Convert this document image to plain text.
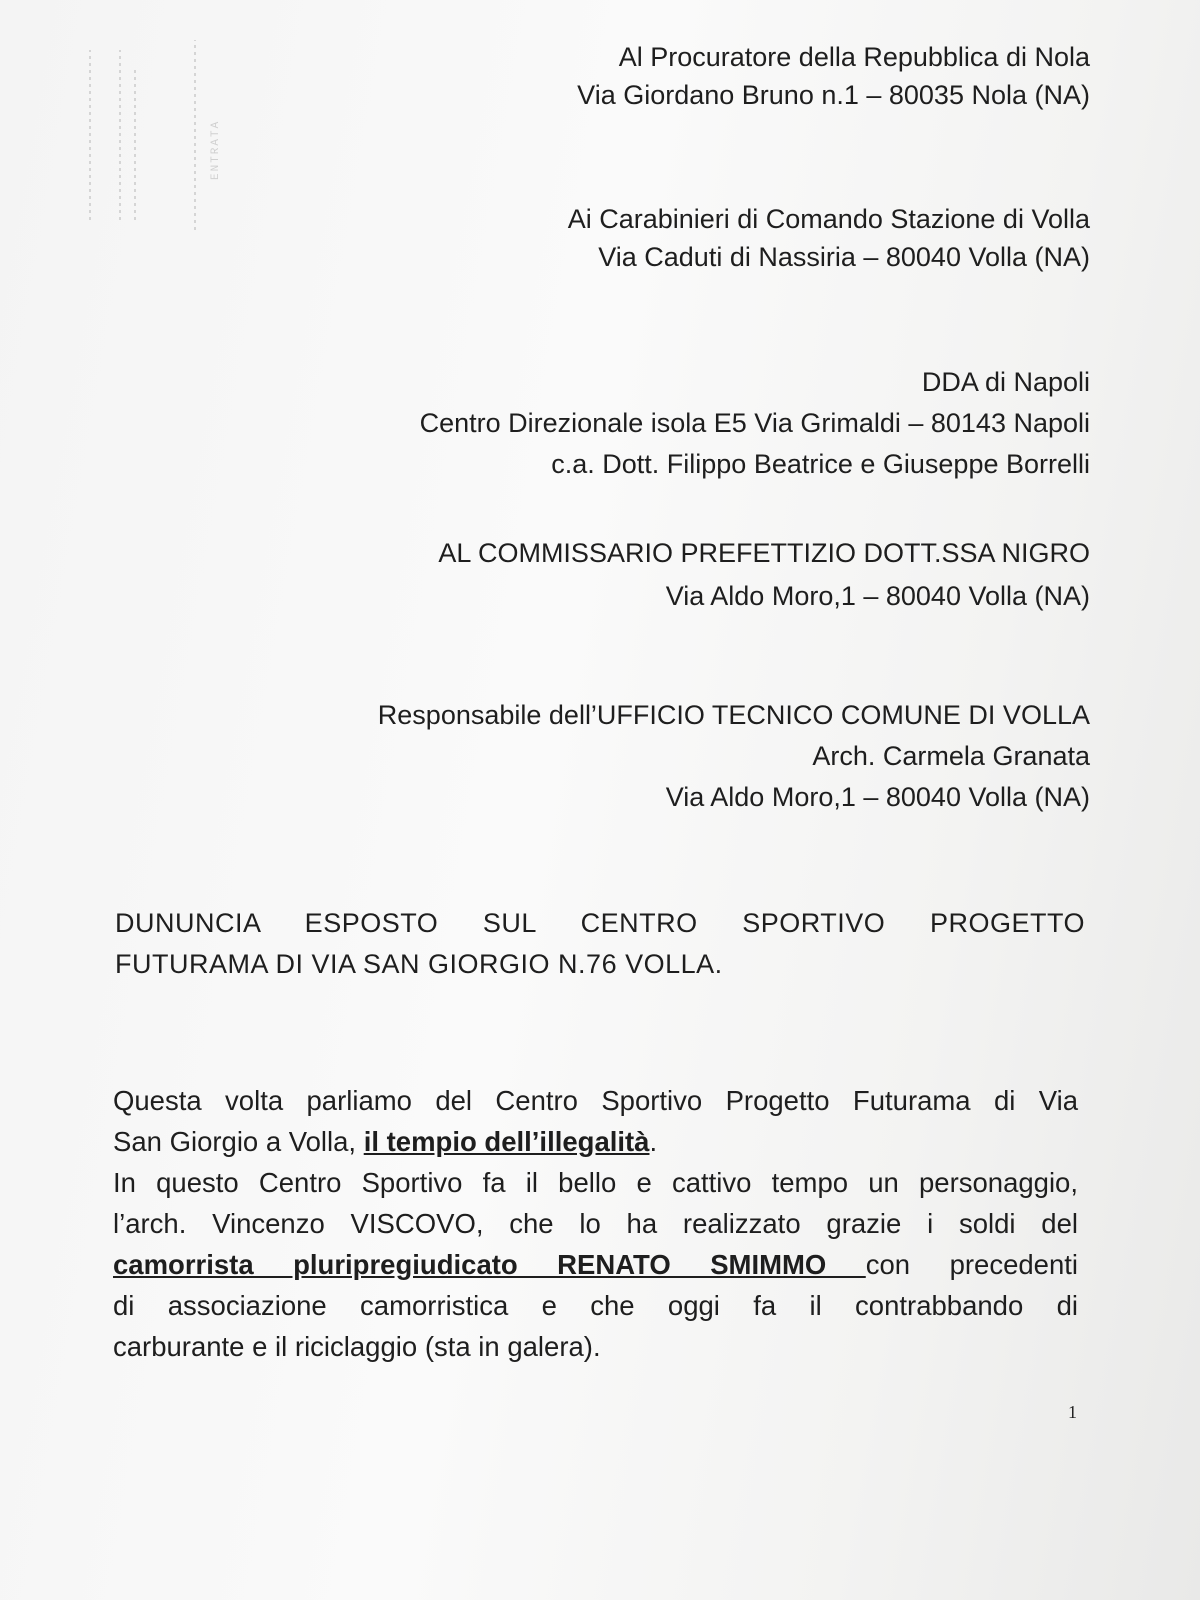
ENTRATA
Al Procuratore della Repubblica di Nola
Via Giordano Bruno n.1 – 80035 Nola (NA)
Ai Carabinieri di Comando Stazione di Volla
Via Caduti di Nassiria – 80040 Volla (NA)
DDA di Napoli
Centro Direzionale isola E5 Via Grimaldi – 80143 Napoli
c.a. Dott. Filippo Beatrice e Giuseppe Borrelli
AL COMMISSARIO PREFETTIZIO DOTT.SSA NIGRO
Via Aldo Moro,1 – 80040 Volla (NA)
Responsabile dell’UFFICIO TECNICO COMUNE DI VOLLA
Arch. Carmela Granata
Via Aldo Moro,1 – 80040 Volla (NA)
DUNUNCIA ESPOSTO SUL CENTRO SPORTIVO PROGETTO
FUTURAMA DI VIA SAN GIORGIO N.76 VOLLA.
Questa volta parliamo del Centro Sportivo Progetto Futurama di Via
San Giorgio a Volla, il tempio dell’illegalità.
In questo Centro Sportivo fa il bello e cattivo tempo un personaggio,
l’arch. Vincenzo VISCOVO, che lo ha realizzato grazie i soldi del
camorrista pluripregiudicato RENATO SMIMMO con precedenti
di associazione camorristica e che oggi fa il contrabbando di
carburante e il riciclaggio (sta in galera).
1
